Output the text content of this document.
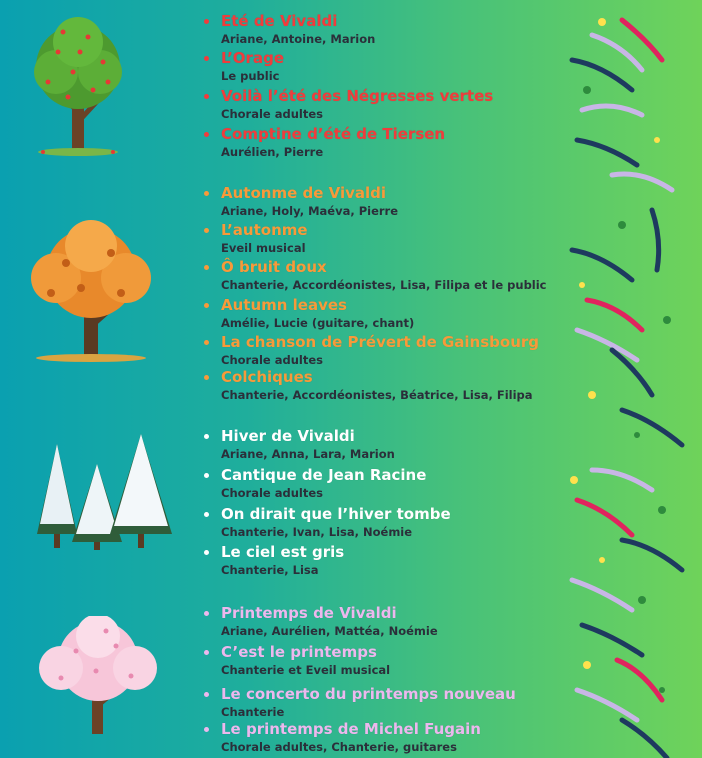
Eté de Vivaldi
Ariane, Antoine, Marion
L’Orage
Le public
Voilà l’été des Négresses vertes
Chorale adultes
Comptine d’été de Tiersen
Aurélien, Pierre
Autonme de Vivaldi
Ariane, Holy, Maéva, Pierre
L’autonme
Eveil musical
Ô bruit doux
Chanterie, Accordéonistes, Lisa, Filipa et le public
Autumn leaves
Amélie, Lucie (guitare, chant)
La chanson de Prévert de Gainsbourg
Chorale adultes
Colchiques
Chanterie, Accordéonistes, Béatrice, Lisa, Filipa
Hiver de Vivaldi
Ariane, Anna, Lara, Marion
Cantique de Jean Racine
Chorale adultes
On dirait que l’hiver tombe
Chanterie, Ivan, Lisa, Noémie
Le ciel est gris
Chanterie, Lisa
Printemps de Vivaldi
Ariane, Aurélien, Mattéa, Noémie
C’est le printemps
Chanterie et Eveil musical
Le concerto du printemps nouveau
Chanterie
Le printemps de Michel Fugain
Chorale adultes, Chanterie, guitares
